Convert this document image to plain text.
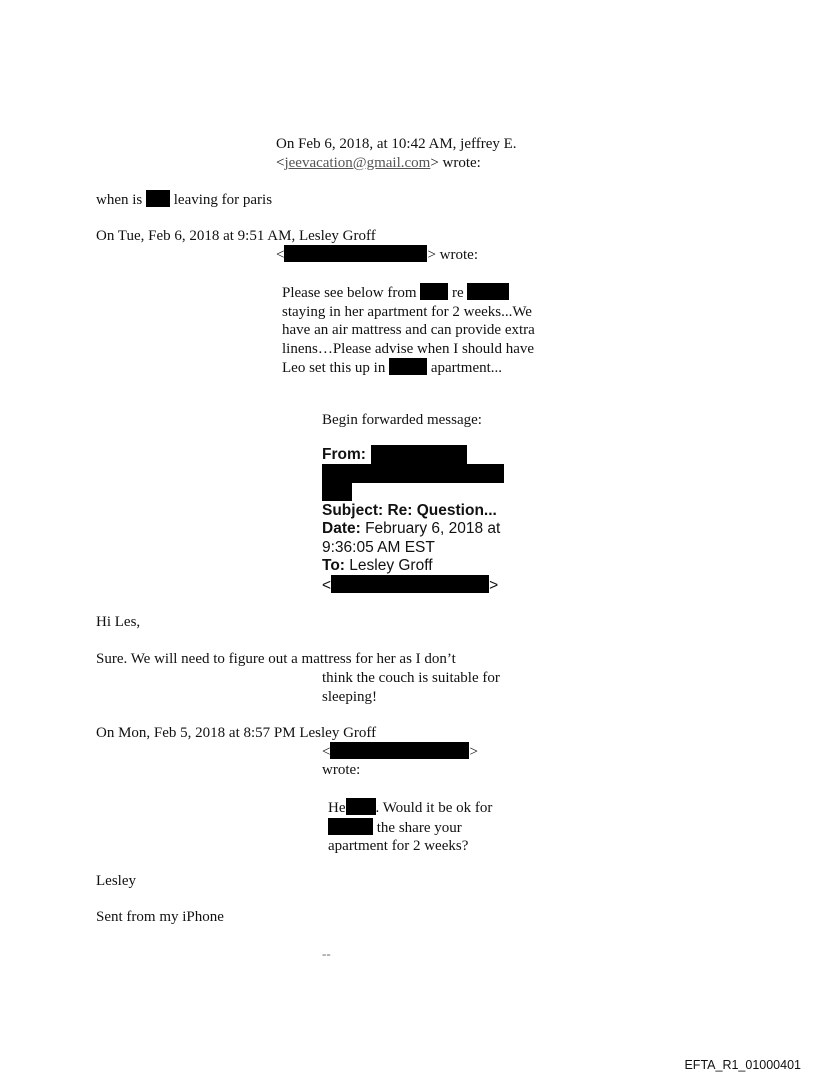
On Feb 6, 2018, at 10:42 AM, jeffrey E.
<jeevacation@gmail.com> wrote:
when is leaving for paris
On Tue, Feb 6, 2018 at 9:51 AM, Lesley Groff
<	> wrote:
Please see below from re
staying in her apartment for 2 weeks...We
have an air mattress and can provide extra
linens…Please advise when I should have
Leo set this up in	apartment...
Begin forwarded message:
From:
Subject: Re: Question...
Date: February 6, 2018 at
9:36:05 AM EST
To: Lesley Groff
<	>
Hi Les,
Sure. We will need to figure out a mattress for her as I don’t
think the couch is suitable for
sleeping!
On Mon, Feb 5, 2018 at 8:57 PM Lesley Groff
<	>
wrote:
He . Would it be ok for
the share your
apartment for 2 weeks?
Lesley
Sent from my iPhone
--
EFTA_R1_01000401
